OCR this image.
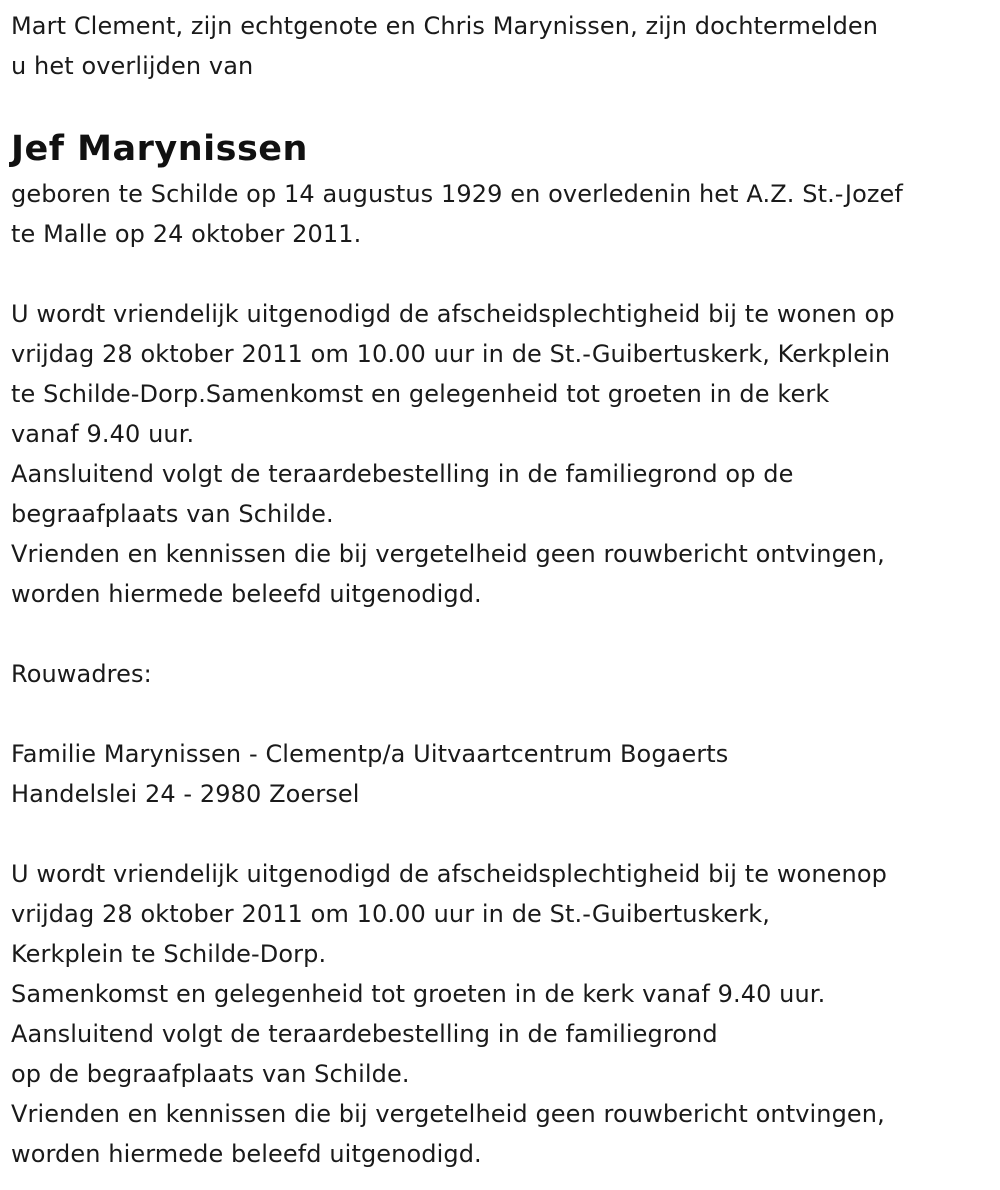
Mart Clement, zijn echtgenote en Chris Marynissen, zijn dochtermelden
u het overlijden van
Jef Marynissen
geboren te Schilde op 14 augustus 1929 en overledenin het A.Z. St.-Jozef
te Malle op 24 oktober 2011.
U wordt vriendelijk uitgenodigd de afscheidsplechtigheid bij te wonen op
vrijdag 28 oktober 2011 om 10.00 uur in de St.-Guibertuskerk, Kerkplein
te Schilde-Dorp.Samenkomst en gelegenheid tot groeten in de kerk
vanaf 9.40 uur.
Aansluitend volgt de teraardebestelling in de familiegrond op de
begraafplaats van Schilde.
Vrienden en kennissen die bij vergetelheid geen rouwbericht ontvingen,
worden hiermede beleefd uitgenodigd.
Rouwadres:
Familie Marynissen - Clementp/a Uitvaartcentrum Bogaerts
Handelslei 24 - 2980 Zoersel
U wordt vriendelijk uitgenodigd de afscheidsplechtigheid bij te wonenop
vrijdag 28 oktober 2011 om 10.00 uur in de St.-Guibertuskerk,
Kerkplein te Schilde-Dorp.
Samenkomst en gelegenheid tot groeten in de kerk vanaf 9.40 uur.
Aansluitend volgt de teraardebestelling in de familiegrond
op de begraafplaats van Schilde.
Vrienden en kennissen die bij vergetelheid geen rouwbericht ontvingen,
worden hiermede beleefd uitgenodigd.
